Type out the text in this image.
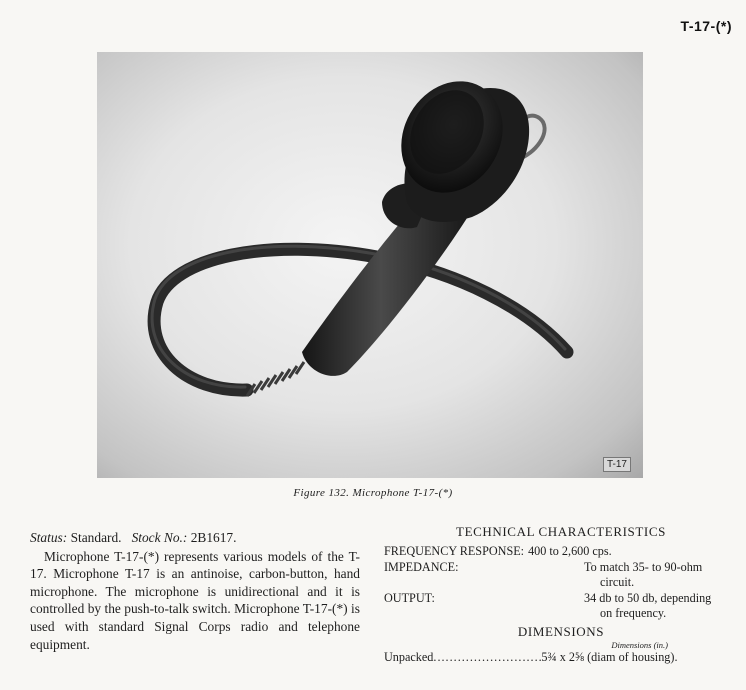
T-17-(*)
T-17
Figure 132. Microphone T-17-(*)

Status: Standard. Stock No.: 2B1617.

Microphone T-17-(*) represents various models of the T-17. Microphone T-17 is an antinoise, carbon-button, hand microphone. The microphone is unidirectional and it is controlled by the push-to-talk switch. Microphone T-17-(*) is used with standard Signal Corps radio and telephone equipment.

TECHNICAL CHARACTERISTICS
FREQUENCY RESPONSE: 400 to 2,600 cps.
IMPEDANCE:	To match 35- to 90-ohm
circuit.
OUTPUT:	34 db to 50 db, depending
on frequency.
DIMENSIONS
Dimensions (in.)
Unpacked ...........................
5¾ x 2⅝ (diam of housing).
